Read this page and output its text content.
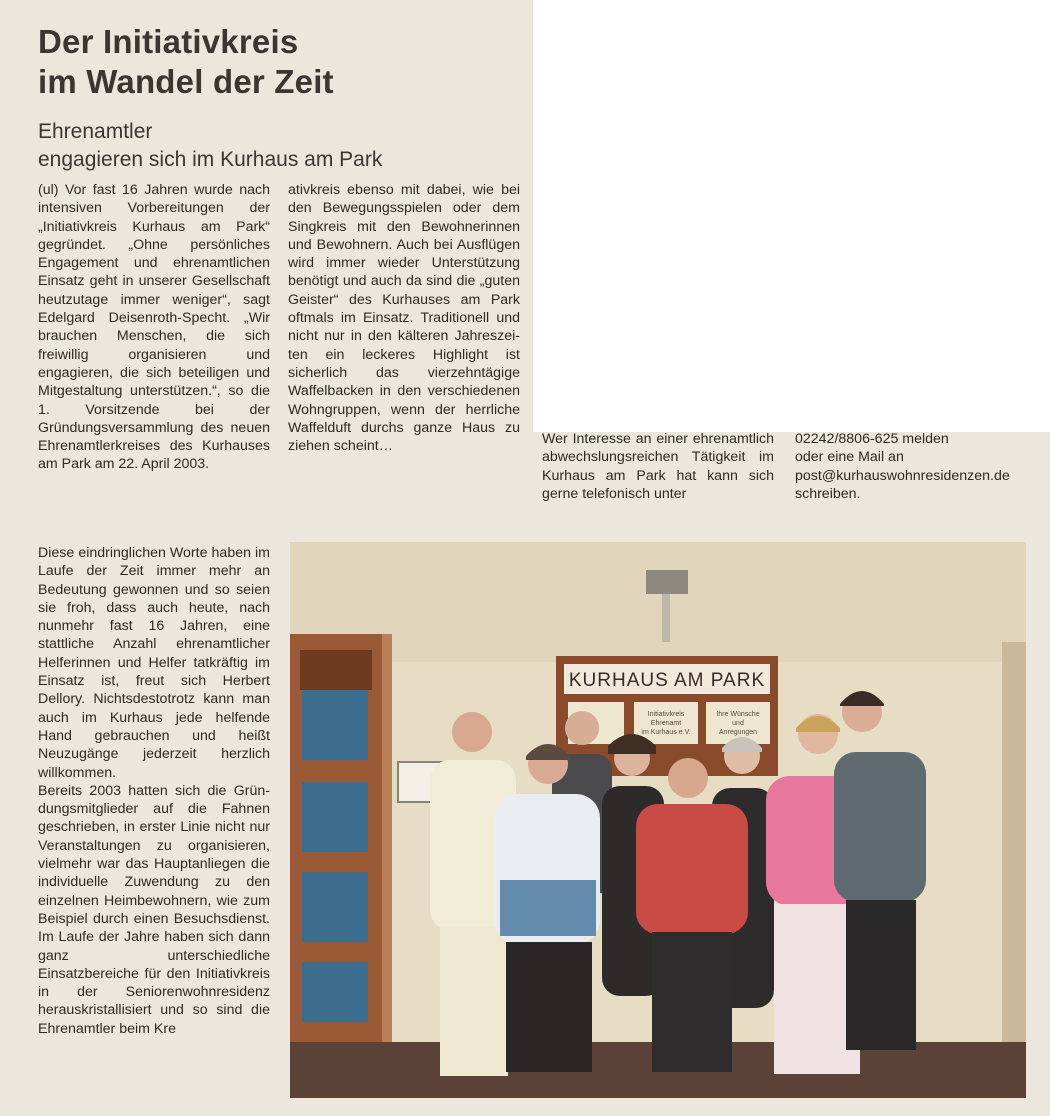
Der Initiativkreis
im Wandel der Zeit
Ehrenamtler
engagieren sich im Kurhaus am Park

(ul) Vor fast 16 Jahren wurde nach intensiven Vorbereitungen der „Initiativkreis Kurhaus am Park“ gegründet. „Ohne persönliches Engagement und ehrenamtlichen Einsatz geht in unserer Gesellschaft heutzutage immer weniger“, sagt Edelgard Deisenroth-Specht. „Wir brauchen Menschen, die sich freiwillig organisieren und engagieren, die sich beteiligen und Mitgestaltung unterstützen.“, so die 1. Vorsitzende bei der Gründungsversammlung des neuen Ehrenamtlerkreises des Kurhauses am Park am 22. April 2003.

Diese eindringlichen Worte haben im Laufe der Zeit immer mehr an Bedeutung gewonnen und so seien sie froh, dass auch heute, nach nunmehr fast 16 Jahren, eine stattliche Anzahl ehrenamtlicher Helferinnen und Helfer tatkräftig im Einsatz ist, freut sich Herbert Dellory. Nichtsdestotrotz kann man auch im Kurhaus jede helfende Hand gebrauchen und heißt Neuzugänge jederzeit herzlich willkommen.

Bereits 2003 hatten sich die Gründungsmitglieder auf die Fahnen geschrieben, in erster Linie nicht nur Veranstaltungen zu organisieren, vielmehr war das Hauptanliegen die individuelle Zuwendung zu den einzelnen Heimbewohnern, wie zum Beispiel durch einen Besuchsdienst. Im Laufe der Jahre haben sich dann ganz unterschiedliche Einsatzbereiche für den Initiativkreis in der Seniorenwohnresidenz herauskristallisiert und so sind die Ehrenamtler beim Kre

ativkreis ebenso mit dabei, wie bei den Bewegungsspielen oder dem Singkreis mit den Bewohnerinnen und Bewohnern. Auch bei Ausflügen wird immer wieder Unterstützung benötigt und auch da sind die „guten Geister“ des Kurhauses am Park oftmals im Einsatz. Traditionell und nicht nur in den kälteren Jahreszeiten ein leckeres Highlight ist sicherlich das vierzehntägige Waffelbacken in den verschiedenen Wohngruppen, wenn der herrliche Waffelduft durchs ganze Haus zu ziehen scheint…	Wer Interesse an einer ehrenamtlich abwechslungsreichen Tätigkeit im Kurhaus am Park hat kann sich gerne telefonisch unter

02242/8806-625 melden
oder eine Mail an
post@kurhauswohnresidenzen.de
schreiben.
KURHAUS AM PARK
Initiativkreis
Ehrenamt
im Kurhaus e.V.
Ihre Wünsche
und
Anregungen
